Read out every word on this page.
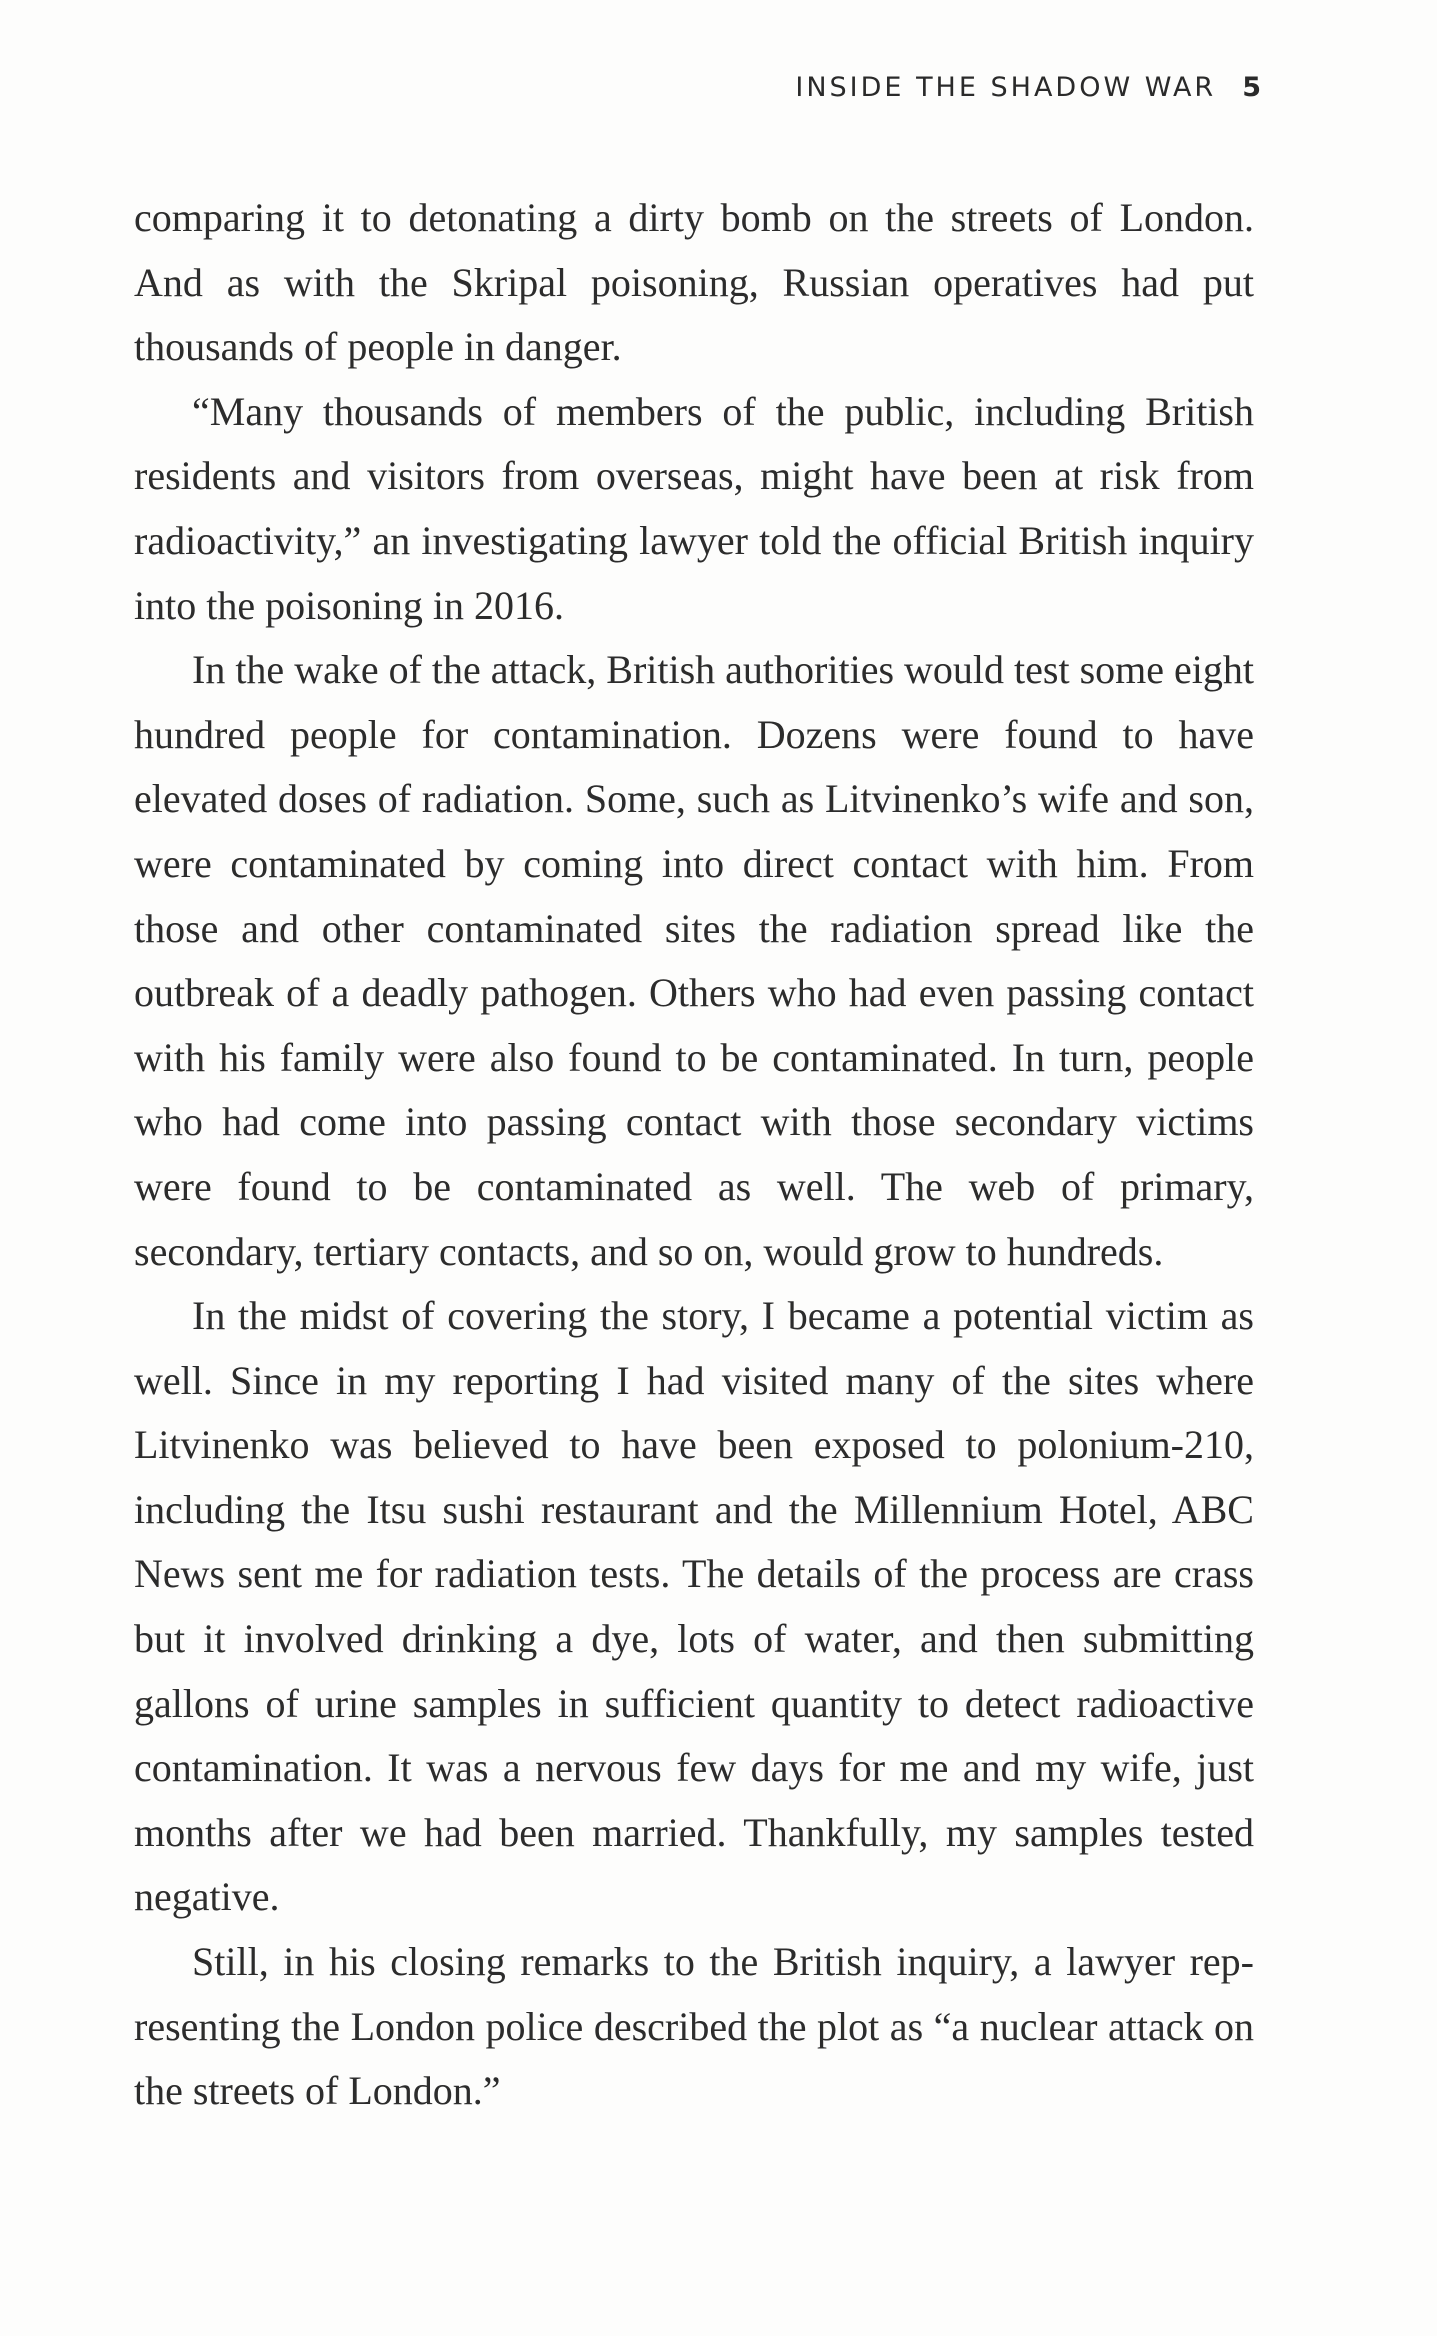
INSIDE THE SHADOW WAR 5

comparing it to detonating a dirty bomb on the streets of London. And as with the Skripal poisoning, Russian operatives had put thousands of people in danger.

“Many thousands of members of the public, including British residents and visitors from overseas, might have been at risk from radioactivity,” an investigating lawyer told the official British inquiry into the poisoning in 2016.

In the wake of the attack, British authorities would test some eight hundred people for contamination. Dozens were found to have elevated doses of radiation. Some, such as Litvinenko’s wife and son, were contaminated by coming into direct contact with him. From those and other contaminated sites the radiation spread like the outbreak of a deadly pathogen. Others who had even passing contact with his family were also found to be contaminated. In turn, people who had come into passing contact with those secondary victims were found to be contaminated as well. The web of primary, secondary, tertiary contacts, and so on, would grow to hundreds.

In the midst of covering the story, I became a potential victim as well. Since in my reporting I had visited many of the sites where Litvinenko was believed to have been exposed to polonium-210, including the Itsu sushi restaurant and the Millennium Hotel, ABC News sent me for radiation tests. The details of the process are crass but it involved drinking a dye, lots of water, and then submitting gallons of urine samples in sufficient quantity to detect radioactive contamination. It was a nervous few days for me and my wife, just months after we had been married. Thankfully, my samples tested negative.

Still, in his closing remarks to the British inquiry, a lawyer representing the London police described the plot as “a nuclear attack on the streets of London.”
